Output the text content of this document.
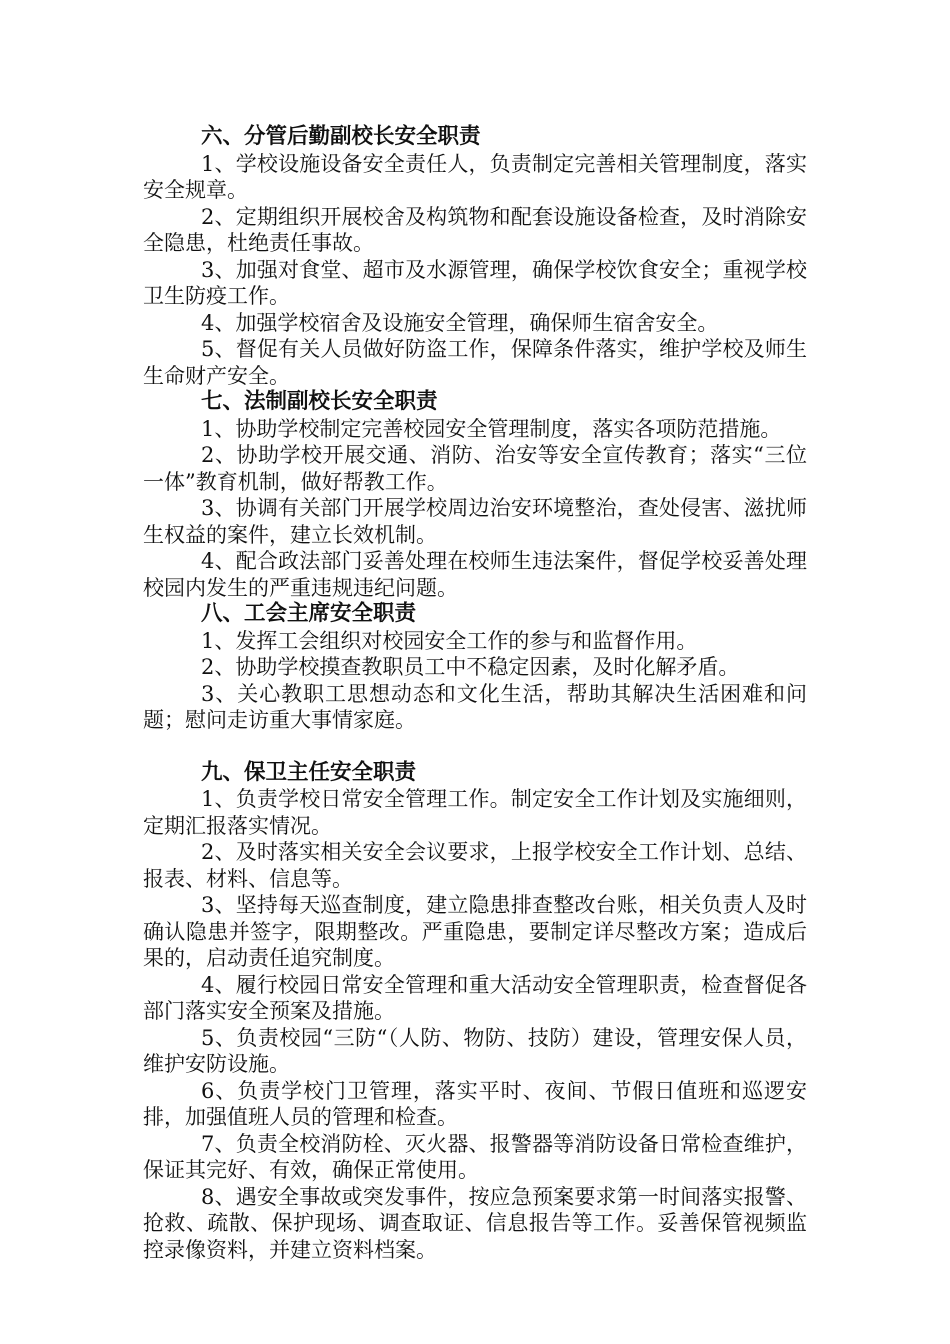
六、分管后勤副校长安全职责

1、学校设施设备安全责任人，负责制定完善相关管理制度，落实安全规章。

2、定期组织开展校舍及构筑物和配套设施设备检查，及时消除安全隐患，杜绝责任事故。

3、加强对食堂、超市及水源管理，确保学校饮食安全；重视学校卫生防疫工作。

4、加强学校宿舍及设施安全管理，确保师生宿舍安全。

5、督促有关人员做好防盗工作，保障条件落实，维护学校及师生生命财产安全。

七、法制副校长安全职责

1、协助学校制定完善校园安全管理制度，落实各项防范措施。

2、协助学校开展交通、消防、治安等安全宣传教育；落实“三位一体”教育机制，做好帮教工作。

3、协调有关部门开展学校周边治安环境整治，查处侵害、滋扰师生权益的案件，建立长效机制。

4、配合政法部门妥善处理在校师生违法案件，督促学校妥善处理校园内发生的严重违规违纪问题。

八、工会主席安全职责

1、发挥工会组织对校园安全工作的参与和监督作用。

2、协助学校摸查教职员工中不稳定因素，及时化解矛盾。

3、关心教职工思想动态和文化生活，帮助其解决生活困难和问题；慰问走访重大事情家庭。

九、保卫主任安全职责

1、负责学校日常安全管理工作。制定安全工作计划及实施细则，定期汇报落实情况。

2、及时落实相关安全会议要求，上报学校安全工作计划、总结、报表、材料、信息等。

3、坚持每天巡查制度，建立隐患排查整改台账，相关负责人及时确认隐患并签字，限期整改。严重隐患，要制定详尽整改方案；造成后果的，启动责任追究制度。

4、履行校园日常安全管理和重大活动安全管理职责，检查督促各部门落实安全预案及措施。

5、负责校园“三防“（人防、物防、技防）建设，管理安保人员，维护安防设施。

6、负责学校门卫管理，落实平时、夜间、节假日值班和巡逻安排，加强值班人员的管理和检查。

7、负责全校消防栓、灭火器、报警器等消防设备日常检查维护，保证其完好、有效，确保正常使用。

8、遇安全事故或突发事件，按应急预案要求第一时间落实报警、抢救、疏散、保护现场、调查取证、信息报告等工作。妥善保管视频监控录像资料，并建立资料档案。
